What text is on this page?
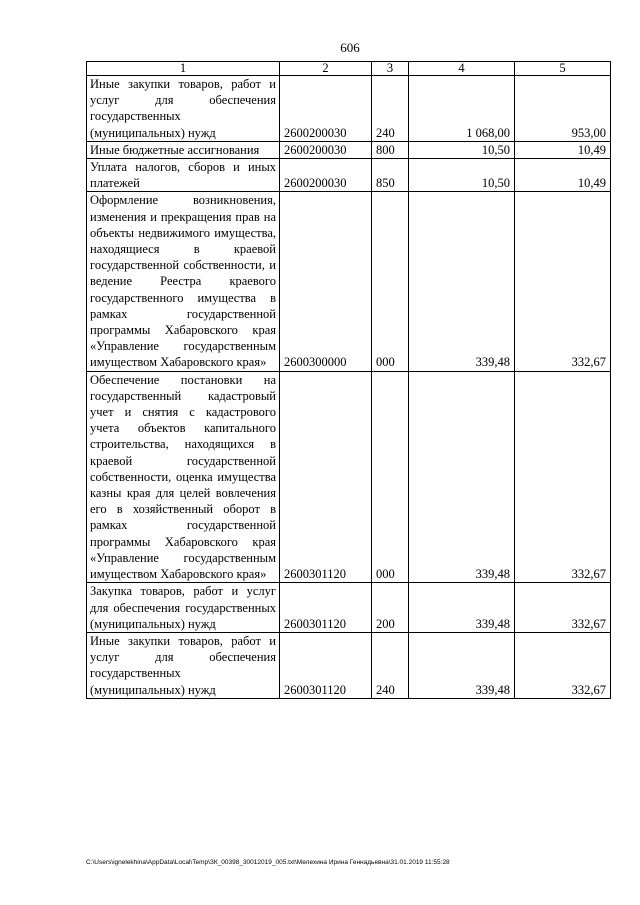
606
1	2	3	4	5
Иные закупки товаров, работ и услуг для обеспечения государственных (муниципальных) нужд	2600200030	240	1 068,00	953,00
Иные бюджетные ассигнования	2600200030	800	10,50	10,49
Уплата налогов, сборов и иных платежей	2600200030	850	10,50	10,49
Оформление возникновения, изменения и прекращения прав на объекты недвижимого имущества, находящиеся в краевой государственной собственности, и ведение Реестра краевого государственного имущества в рамках государственной программы Хабаровского края «Управление государственным имуществом Хабаровского края»	2600300000	000	339,48	332,67
Обеспечение постановки на государственный кадастровый учет и снятия с кадастрового учета объектов капитального строительства, находящихся в краевой государственной собственности, оценка имущества казны края для целей вовлечения его в хозяйственный оборот в рамках государственной программы Хабаровского края «Управление государственным имуществом Хабаровского края»	2600301120	000	339,48	332,67
Закупка товаров, работ и услуг для обеспечения государственных (муниципальных) нужд	2600301120	200	339,48	332,67
Иные закупки товаров, работ и услуг для обеспечения государственных (муниципальных) нужд	2600301120	240	339,48	332,67
C:\Users\ignelekhina\AppData\Local\Temp\ЗК_00398_30012019_005.txt\Мелехина Ирина Геннадьевна\31.01.2019 11:55:28
